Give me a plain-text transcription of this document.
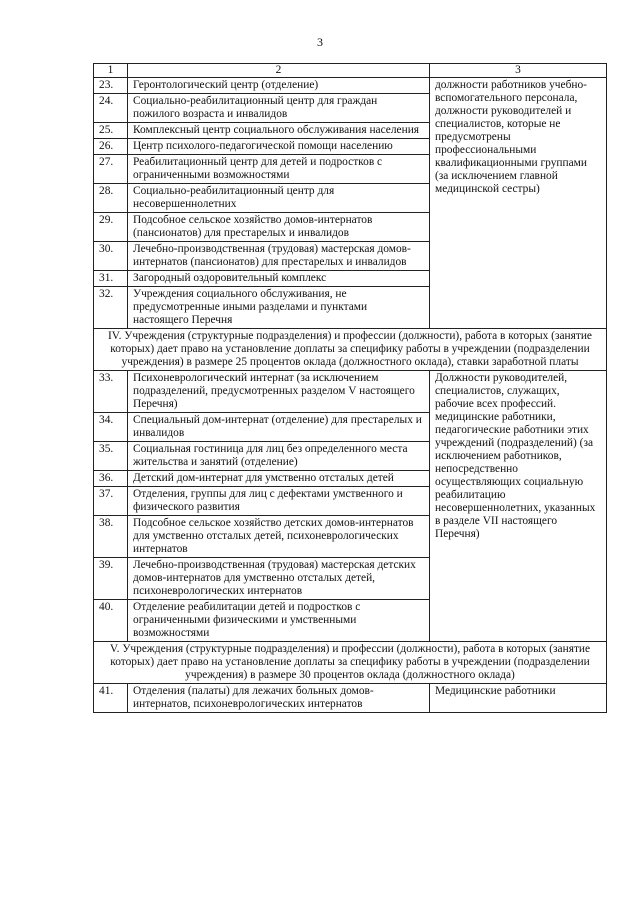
3
1	2	3
23.	Геронтологический центр (отделение)	должности работников учебно-вспомогательного персонала, должности руководителей и специалистов, которые не предусмотрены профессиональными квалификационными группами (за исключением главной медицинской сестры)
24.	Социально-реабилитационный центр для граждан пожилого возраста и инвалидов	
25.	Комплексный центр социального обслуживания населения	
26.	Центр психолого-педагогической помощи населению	
27.	Реабилитационный центр для детей и подростков с ограниченными возможностями	
28.	Социально-реабилитационный центр для несовершеннолетних	
29.	Подсобное сельское хозяйство домов-интернатов (пансионатов) для престарелых и инвалидов	
30.	Лечебно-производственная (трудовая) мастерская домов-интернатов (пансионатов) для престарелых и инвалидов	
31.	Загородный оздоровительный комплекс	
32.	Учреждения социального обслуживания, не предусмотренные иными разделами и пунктами настоящего Перечня	
IV. Учреждения (структурные подразделения) и профессии (должности), работа в которых (занятие которых) дает право на установление доплаты за специфику работы в учреждении (подразделении учреждения) в размере 25 процентов оклада (должностного оклада), ставки заработной платы		
33.	Психоневрологический интернат (за исключением подразделений, предусмотренных разделом V настоящего Перечня)	Должности руководителей, специалистов, служащих, рабочие всех профессий. медицинские работники, педагогические работники этих учреждений (подразделений) (за исключением работников, непосредственно осуществляющих социальную реабилитацию несовершеннолетних, указанных в разделе VII настоящего Перечня)
34.	Специальный дом-интернат (отделение) для престарелых и инвалидов	
35.	Социальная гостиница для лиц без определенного места жительства и занятий (отделение)	
36.	Детский дом-интернат для умственно отсталых детей	
37.	Отделения, группы для лиц с дефектами умственного и физического развития	
38.	Подсобное сельское хозяйство детских домов-интернатов для умственно отсталых детей, психоневрологических интернатов	
39.	Лечебно-производственная (трудовая) мастерская детских домов-интернатов для умственно отсталых детей, психоневрологических интернатов	
40.	Отделение реабилитации детей и подростков с ограниченными физическими и умственными возможностями	
V. Учреждения (структурные подразделения) и профессии (должности), работа в которых (занятие которых) дает право на установление доплаты за специфику работы в учреждении (подразделении учреждения) в размере 30 процентов оклада (должностного оклада)		
41.	Отделения (палаты) для лежачих больных домов-интернатов, психоневрологических интернатов	Медицинские работники
